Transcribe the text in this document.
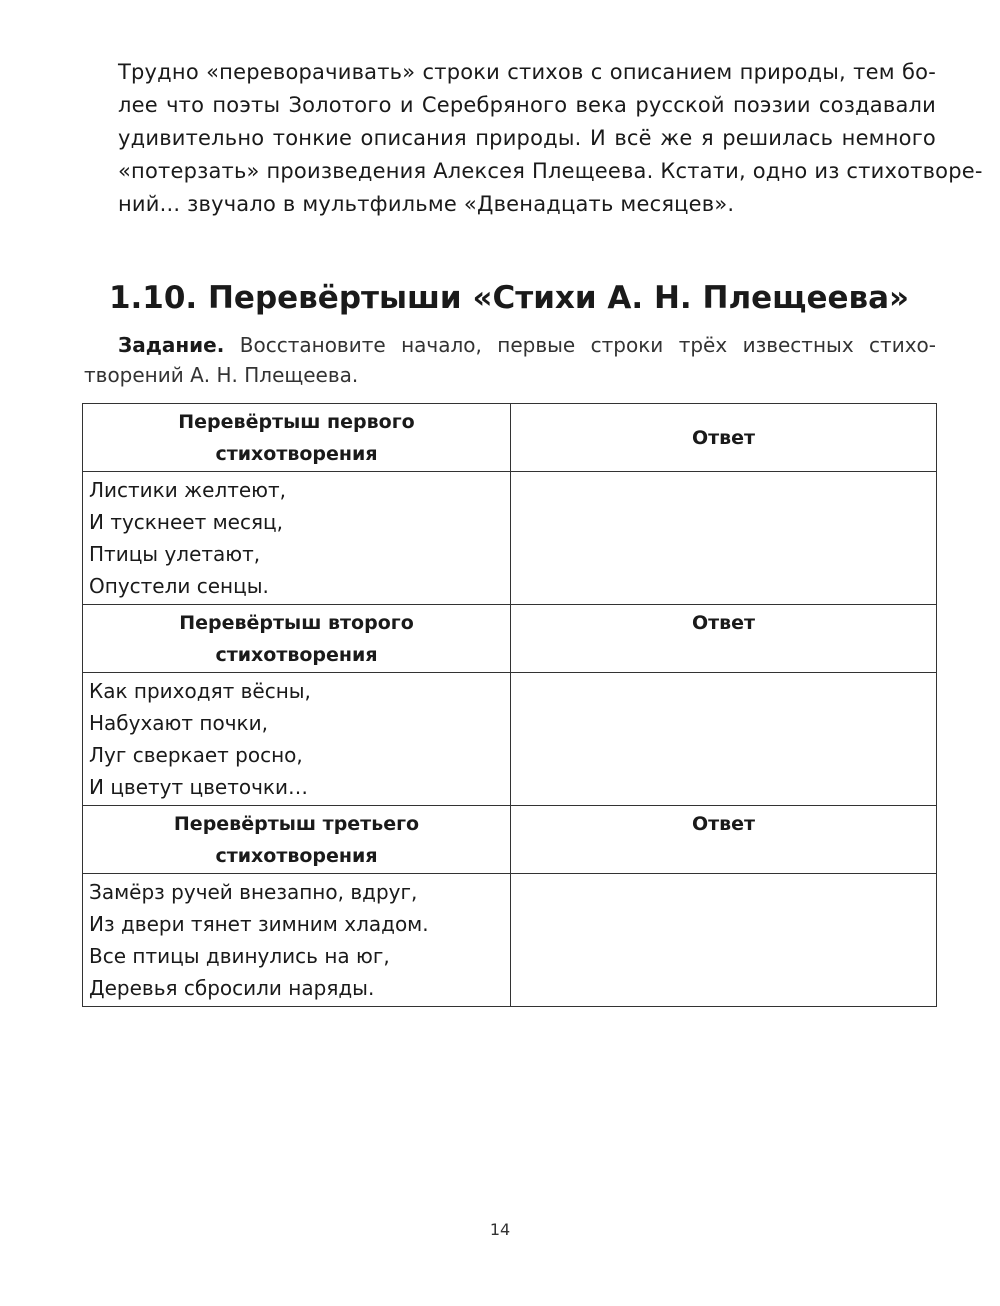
Трудно «переворачивать» строки стихов с описанием природы, тем бо-
лее что поэты Золотого и Серебряного века русской поэзии создавали
удивительно тонкие описания природы. И всё же я решилась немного
«потерзать» произведения Алексея Плещеева. Кстати, одно из стихотворе-
ний... звучало в мультфильме «Двенадцать месяцев».
1.10. Перевёртыши «Стихи А. Н. Плещеева»
Задание. Восстановите начало, первые строки трёх известных стихо-
творений А. Н. Плещеева.
Перевёртыш первого
стихотворения	Ответ

Листики желтеют,
И тускнеет месяц,
Птицы улетают,
Опустели сенцы.	

Перевёртыш второго
стихотворения	Ответ

Как приходят вёсны,
Набухают почки,
Луг сверкает росно,
И цветут цветочки…	

Перевёртыш третьего
стихотворения	Ответ

Замёрз ручей внезапно, вдруг,
Из двери тянет зимним хладом.
Все птицы двинулись на юг,
Деревья сбросили наряды.	

14
